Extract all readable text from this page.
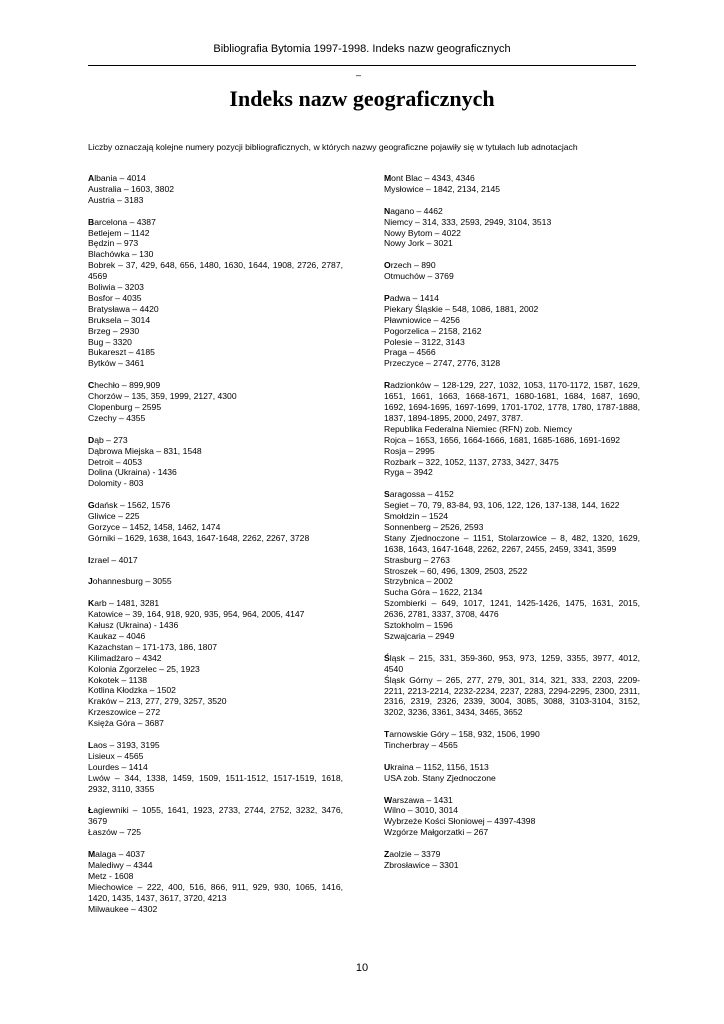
Bibliografia Bytomia 1997-1998. Indeks nazw geograficznych
–
Indeks nazw geograficznych

Liczby oznaczają kolejne numery pozycji bibliograficznych, w których nazwy geograficzne pojawiły się w tytułach lub adnotacjach

Albania – 4014
Australia – 1603, 3802
Austria – 3183
Barcelona – 4387
Betlejem – 1142
Będzin – 973
Blachówka – 130
Bobrek – 37, 429, 648, 656, 1480, 1630, 1644, 1908, 2726, 2787, 4569
Boliwia – 3203
Bosfor – 4035
Bratysława – 4420
Bruksela – 3014
Brzeg – 2930
Bug – 3320
Bukareszt – 4185
Bytków – 3461
Chechło – 899,909
Chorzów – 135, 359, 1999, 2127, 4300
Clopenburg – 2595
Czechy – 4355
Dąb – 273
Dąbrowa Miejska – 831, 1548
Detroit – 4053
Dolina (Ukraina) - 1436
Dolomity - 803
Gdańsk – 1562, 1576
Gliwice – 225
Gorzyce – 1452, 1458, 1462, 1474
Górniki – 1629, 1638, 1643, 1647-1648, 2262, 2267, 3728
Izrael – 4017
Johannesburg – 3055
Karb – 1481, 3281
Katowice – 39, 164, 918, 920, 935, 954, 964, 2005, 4147
Kałusz (Ukraina) - 1436
Kaukaz – 4046
Kazachstan – 171-173, 186, 1807
Kilimadżaro – 4342
Kolonia Zgorzelec – 25, 1923
Kokotek – 1138
Kotlina Kłodzka – 1502
Kraków – 213, 277, 279, 3257, 3520
Krzeszowice – 272
Księża Góra – 3687
Laos – 3193, 3195
Lisieux – 4565
Lourdes – 1414
Lwów – 344, 1338, 1459, 1509, 1511-1512, 1517-1519, 1618, 2932, 3110, 3355
Łagiewniki – 1055, 1641, 1923, 2733, 2744, 2752, 3232, 3476, 3679
Łaszów – 725
Malaga – 4037
Malediwy – 4344
Metz - 1608
Miechowice – 222, 400, 516, 866, 911, 929, 930, 1065, 1416, 1420, 1435, 1437, 3617, 3720, 4213
Milwaukee – 4302
Mont Blac – 4343, 4346
Mysłowice – 1842, 2134, 2145
Nagano – 4462
Niemcy – 314, 333, 2593, 2949, 3104, 3513
Nowy Bytom – 4022
Nowy Jork – 3021
Orzech – 890
Otmuchów – 3769
Padwa – 1414
Piekary Śląskie – 548, 1086, 1881, 2002
Pławniowice – 4256
Pogorzelica – 2158, 2162
Polesie – 3122, 3143
Praga – 4566
Przeczyce – 2747, 2776, 3128
Radzionków – 128-129, 227, 1032, 1053, 1170-1172, 1587, 1629, 1651, 1661, 1663, 1668-1671, 1680-1681, 1684, 1687, 1690, 1692, 1694-1695, 1697-1699, 1701-1702, 1778, 1780, 1787-1888, 1837, 1894-1895, 2000, 2497, 3787.
Republika Federalna Niemiec (RFN) zob. Niemcy
Rojca – 1653, 1656, 1664-1666, 1681, 1685-1686, 1691-1692
Rosja – 2995
Rozbark – 322, 1052, 1137, 2733, 3427, 3475
Ryga – 3942
Saragossa – 4152
Segiet – 70, 79, 83-84, 93, 106, 122, 126, 137-138, 144, 1622
Smołdzin – 1524
Sonnenberg – 2526, 2593
Stany Zjednoczone – 1151, Stolarzowice – 8, 482, 1320, 1629, 1638, 1643, 1647-1648, 2262, 2267, 2455, 2459, 3341, 3599
Strasburg – 2763
Stroszek – 60, 496, 1309, 2503, 2522
Strzybnica – 2002
Sucha Góra – 1622, 2134
Szombierki – 649, 1017, 1241, 1425-1426, 1475, 1631, 2015, 2636, 2781, 3337, 3708, 4476
Sztokholm – 1596
Szwajcaria – 2949
Śląsk – 215, 331, 359-360, 953, 973, 1259, 3355, 3977, 4012, 4540
Śląsk Górny – 265, 277, 279, 301, 314, 321, 333, 2203, 2209-2211, 2213-2214, 2232-2234, 2237, 2283, 2294-2295, 2300, 2311, 2316, 2319, 2326, 2339, 3004, 3085, 3088, 3103-3104, 3152, 3202, 3236, 3361, 3434, 3465, 3652
Tarnowskie Góry – 158, 932, 1506, 1990
Tincherbray – 4565
Ukraina – 1152, 1156, 1513
USA zob. Stany Zjednoczone
Warszawa – 1431
Wilno – 3010, 3014
Wybrzeże Kości Słoniowej – 4397-4398
Wzgórze Małgorzatki – 267
Zaolzie – 3379
Zbrosławice – 3301
10
